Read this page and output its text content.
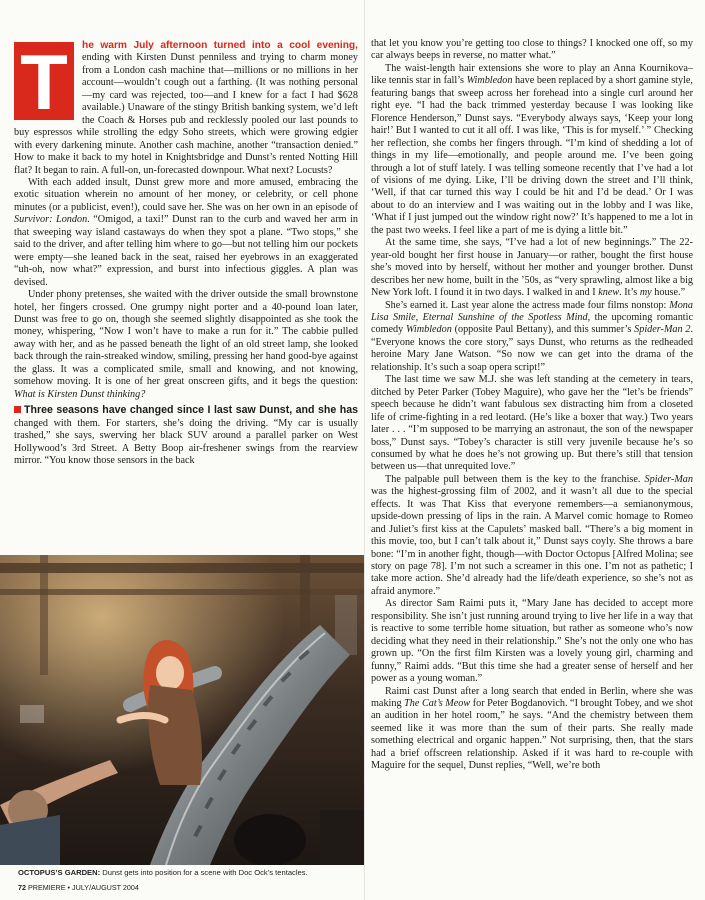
T	he warm July afternoon turned into a cool evening, ending with Kirsten Dunst penniless and trying to charm money from a London cash machine that—millions or no millions in her account—wouldn’t cough out a farthing. (It was nothing personal—my card was rejected, too—and I knew for a fact I had $628 available.) Unaware of the stingy British banking system, we’d left the Coach & Horses pub and recklessly pooled our last pounds to buy espressos while strolling the edgy Soho streets, which were growing edgier with every darkening minute. Another cash machine, another “transaction denied.” How to make it back to my hotel in Knightsbridge and Dunst’s rented Notting Hill flat? It began to rain. A full-on, un-forecasted downpour. What next? Locusts?

With each added insult, Dunst grew more and more amused, embracing the exotic situation wherein no amount of her money, or celebrity, or cell phone minutes (or a publicist, even!), could save her. She was on her own in an episode of Survivor: London. “Omigod, a taxi!” Dunst ran to the curb and waved her arm in that sweeping way island castaways do when they spot a plane. “Two stops,” she said to the driver, and after telling him where to go—but not telling him our pockets were empty—she leaned back in the seat, raised her eyebrows in an exaggerated “uh-oh, now what?” expression, and burst into infectious giggles. A plan was devised.

Under phony pretenses, she waited with the driver outside the small brownstone hotel, her fingers crossed. One grumpy night porter and a 40-pound loan later, Dunst was free to go on, though she seemed slightly disappointed as she took the money, whispering, “Now I won’t have to make a run for it.” The cabbie pulled away with her, and as he passed beneath the light of an old street lamp, she looked back through the rain-streaked window, smiling, pressing her hand good-bye against the glass. It was a complicated smile, small and knowing, and not knowing, somehow moving. It is one of her great onscreen gifts, and it begs the question: What is Kirsten Dunst thinking?

Three seasons have changed since I last saw Dunst, and she has changed with them. For starters, she’s doing the driving. “My car is usually trashed,” she says, swerving her black SUV around a parallel parker on West Hollywood’s 3rd Street. A Betty Boop air-freshener swings from the rearview mirror. “You know those sensors in the back

OCTOPUS’S GARDEN: Dunst gets into position for a scene with Doc Ock’s tentacles.
72 PREMIERE • JULY/AUGUST 2004

that let you know you’re getting too close to things? I knocked one off, so my car always beeps in reverse, no matter what.”

The waist-length hair extensions she wore to play an Anna Kournikova–like tennis star in fall’s Wimbledon have been replaced by a short gamine style, featuring bangs that sweep across her forehead into a single curl around her right eye. “I had the back trimmed yesterday because I was looking like Florence Henderson,” Dunst says. “Everybody always says, ‘Keep your long hair!’ But I wanted to cut it all off. I was like, ‘This is for myself.’ ” Checking her reflection, she combs her fingers through. “I’m kind of shedding a lot of things in my life—emotionally, and people around me. I’ve been going through a lot of stuff lately. I was telling someone recently that I’ve had a lot of visions of me dying. Like, I’ll be driving down the street and I’ll think, ‘Well, if that car turned this way I could be hit and I’d be dead.’ Or I was about to do an interview and I was waiting out in the lobby and I was like, ‘What if I just jumped out the window right now?’ It’s happened to me a lot in the past two weeks. I feel like a part of me is dying a little bit.”

At the same time, she says, “I’ve had a lot of new beginnings.” The 22-year-old bought her first house in January—or rather, bought the first house she’s moved into by herself, without her mother and younger brother. Dunst describes her new home, built in the ’50s, as “very sprawling, almost like a big New York loft. I found it in two days. I walked in and I knew. It’s my house.”

She’s earned it. Last year alone the actress made four films nonstop: Mona Lisa Smile, Eternal Sunshine of the Spotless Mind, the upcoming romantic comedy Wimbledon (opposite Paul Bettany), and this summer’s Spider-Man 2. “Everyone knows the core story,” says Dunst, who returns as the redheaded heroine Mary Jane Watson. “So now we can get into the drama of the relationship. It’s such a soap opera script!”

The last time we saw M.J. she was left standing at the cemetery in tears, ditched by Peter Parker (Tobey Maguire), who gave her the “let’s be friends” speech because he didn’t want fabulous sex distracting him from a closeted life of crime-fighting in a red leotard. (He’s like a boxer that way.) Two years later . . . “I’m supposed to be marrying an astronaut, the son of the newspaper boss,” Dunst says. “Tobey’s character is still very juvenile because he’s so consumed by what he does he’s not growing up. But there’s still that tension between us—that unrequited love.”

The palpable pull between them is the key to the franchise. Spider-Man was the highest-grossing film of 2002, and it wasn’t all due to the special effects. It was That Kiss that everyone remembers—a semianonymous, upside-down pressing of lips in the rain. A Marvel comic homage to Romeo and Juliet’s first kiss at the Capulets’ masked ball. “There’s a big moment in this movie, too, but I can’t talk about it,” Dunst says coyly. She throws a bare bone: “I’m in another fight, though—with Doctor Octopus [Alfred Molina; see story on page 78]. I’m not such a screamer in this one. I’m not as pathetic; I take more action. She’d already had the life/death experience, so she’s not as afraid anymore.”

As director Sam Raimi puts it, “Mary Jane has decided to accept more responsibility. She isn’t just running around trying to live her life in a way that is reactive to some terrible home situation, but rather as someone who’s now deciding what they need in their relationship.” She’s not the only one who has grown up. “On the first film Kirsten was a lovely young girl, charming and funny,” Raimi adds. “But this time she had a greater sense of herself and her power as a young woman.”

Raimi cast Dunst after a long search that ended in Berlin, where she was making The Cat’s Meow for Peter Bogdanovich. “I brought Tobey, and we shot an audition in her hotel room,” he says. “And the chemistry between them seemed like it was more than the sum of their parts. She really made something electrical and organic happen.” Not surprising, then, that the stars had a brief offscreen relationship. Asked if it was hard to re-couple with Maguire for the sequel, Dunst replies, “Well, we’re both
